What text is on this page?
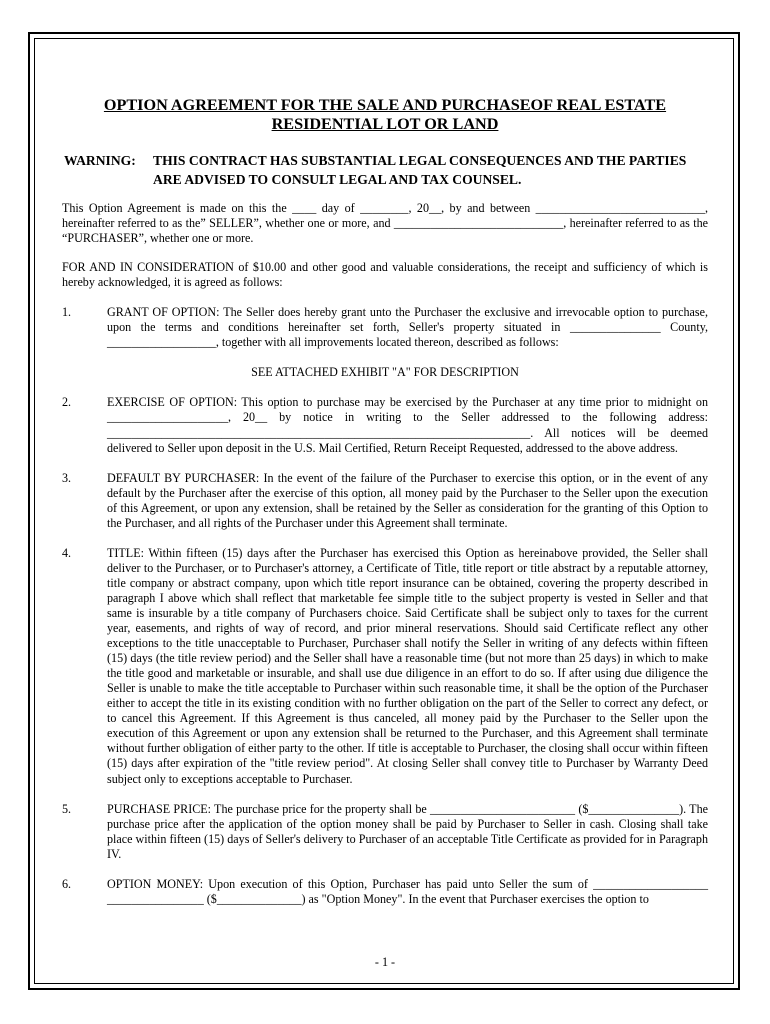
OPTION AGREEMENT FOR THE SALE AND PURCHASEOF REAL ESTATE
RESIDENTIAL LOT OR LAND
WARNING: THIS CONTRACT HAS SUBSTANTIAL LEGAL CONSEQUENCES AND THE PARTIES ARE ADVISED TO CONSULT LEGAL AND TAX COUNSEL.

This Option Agreement is made on this the ____ day of ________, 20__, by and between ____________________________, hereinafter referred to as the” SELLER”, whether one or more, and ____________________________, hereinafter referred to as the “PURCHASER”, whether one or more.

FOR AND IN CONSIDERATION of $10.00 and other good and valuable considerations, the receipt and sufficiency of which is hereby acknowledged, it is agreed as follows:

1.	GRANT OF OPTION: The Seller does hereby grant unto the Purchaser the exclusive and irrevocable option to purchase, upon the terms and conditions hereinafter set forth, Seller's property situated in _______________ County, __________________, together with all improvements located thereon, described as follows:
SEE ATTACHED EXHIBIT "A" FOR DESCRIPTION
2.	EXERCISE OF OPTION: This option to purchase may be exercised by the Purchaser at any time prior to midnight on ____________________, 20__ by notice in writing to the Seller addressed to the following address: ______________________________________________________________________. All notices will be deemed delivered to Seller upon deposit in the U.S. Mail Certified, Return Receipt Requested, addressed to the above address.
3.	DEFAULT BY PURCHASER: In the event of the failure of the Purchaser to exercise this option, or in the event of any default by the Purchaser after the exercise of this option, all money paid by the Purchaser to the Seller upon the execution of this Agreement, or upon any extension, shall be retained by the Seller as consideration for the granting of this Option to the Purchaser, and all rights of the Purchaser under this Agreement shall terminate.
4.	TITLE: Within fifteen (15) days after the Purchaser has exercised this Option as hereinabove provided, the Seller shall deliver to the Purchaser, or to Purchaser's attorney, a Certificate of Title, title report or title abstract by a reputable attorney, title company or abstract company, upon which title report insurance can be obtained, covering the property described in paragraph I above which shall reflect that marketable fee simple title to the subject property is vested in Seller and that same is insurable by a title company of Purchasers choice. Said Certificate shall be subject only to taxes for the current year, easements, and rights of way of record, and prior mineral reservations. Should said Certificate reflect any other exceptions to the title unacceptable to Purchaser, Purchaser shall notify the Seller in writing of any defects within fifteen (15) days (the title review period) and the Seller shall have a reasonable time (but not more than 25 days) in which to make the title good and marketable or insurable, and shall use due diligence in an effort to do so. If after using due diligence the Seller is unable to make the title acceptable to Purchaser within such reasonable time, it shall be the option of the Purchaser either to accept the title in its existing condition with no further obligation on the part of the Seller to correct any defect, or to cancel this Agreement. If this Agreement is thus canceled, all money paid by the Purchaser to the Seller upon the execution of this Agreement or upon any extension shall be returned to the Purchaser, and this Agreement shall terminate without further obligation of either party to the other. If title is acceptable to Purchaser, the closing shall occur within fifteen (15) days after expiration of the "title review period". At closing Seller shall convey title to Purchaser by Warranty Deed subject only to exceptions acceptable to Purchaser.
5.	PURCHASE PRICE: The purchase price for the property shall be ________________________ ($_______________). The purchase price after the application of the option money shall be paid by Purchaser to Seller in cash. Closing shall take place within fifteen (15) days of Seller's delivery to Purchaser of an acceptable Title Certificate as provided for in Paragraph IV.
6.	OPTION MONEY: Upon execution of this Option, Purchaser has paid unto Seller the sum of ___________________ ________________ ($______________) as "Option Money". In the event that Purchaser exercises the option to
- 1 -
